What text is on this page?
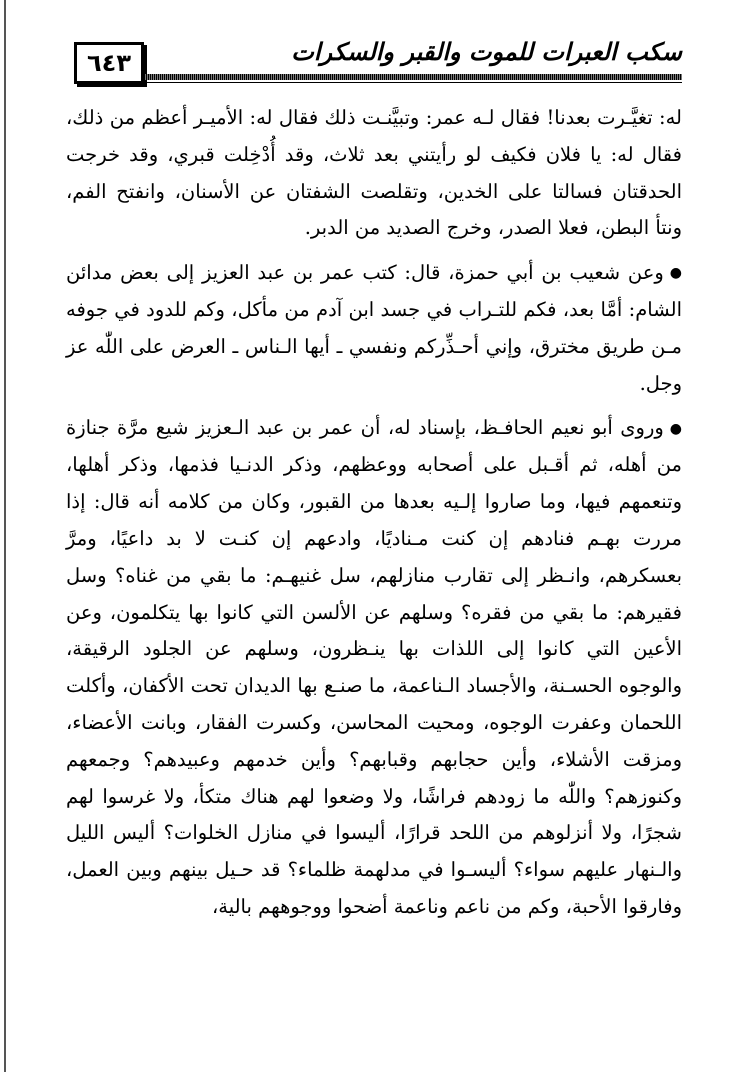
٦٤٣	سكب العبرات للموت والقبر والسكرات

له: تغيَّـرت بعدنا! فقال لـه عمر: وتبيَّنـت ذلك فقال له: الأميـر أعظم من ذلك، فقال له: يا فلان فكيف لو رأيتني بعد ثلاث، وقد أُدْخِلت قبري، وقد خرجت الحدقتان فسالتا على الخدين، وتقلصت الشفتان عن الأسنان، وانفتح الفم، ونتأ البطن، فعلا الصدر، وخرج الصديد من الدبر.

●وعن شعيب بن أبي حمزة، قال: كتب عمر بن عبد العزيز إلى بعض مدائن الشام: أمَّا بعد، فكم للتـراب في جسد ابن آدم من مأكل، وكم للدود في جوفه مـن طريق مخترق، وإني أحـذِّركم ونفسي ـ أيها الـناس ـ العرض على اللّٰه عز وجل.

●وروى أبو نعيم الحافـظ، بإسناد له، أن عمر بن عبد الـعزيز شيع مرَّة جنازة من أهله، ثم أقـبل على أصحابه ووعظهم، وذكر الدنـيا فذمها، وذكر أهلها، وتنعمهم فيها، وما صاروا إلـيه بعدها من القبور، وكان من كلامه أنه قال: إذا مررت بهـم فنادهم إن كنت مـناديًا، وادعهم إن كنـت لا بد داعيًا، ومرَّ بعسكرهم، وانـظر إلى تقارب منازلهم، سل غنيهـم: ما بقي من غناه؟ وسل فقيرهم: ما بقي من فقره؟ وسلهم عن الألسن التي كانوا بها يتكلمون، وعن الأعين التي كانوا إلى اللذات بها ينـظرون، وسلهم عن الجلود الرقيقة، والوجوه الحسـنة، والأجساد الـناعمة، ما صنـع بها الديدان تحت الأكفان، وأكلت اللحمان وعفرت الوجوه، ومحيت المحاسن، وكسرت الفقار، وبانت الأعضاء، ومزقت الأشلاء، وأين حجابهم وقبابهم؟ وأين خدمهم وعبيدهم؟ وجمعهم وكنوزهم؟ واللّٰه ما زودهم فراشًا، ولا وضعوا لهم هناك متكأ، ولا غرسوا لهم شجرًا، ولا أنزلوهم من اللحد قرارًا، أليسوا في منازل الخلوات؟ أليس الليل والـنهار عليهم سواء؟ أليسـوا في مدلهمة ظلماء؟ قد حـيل بينهم وبين العمل، وفارقوا الأحبة، وكم من ناعم وناعمة أضحوا ووجوههم بالية،
